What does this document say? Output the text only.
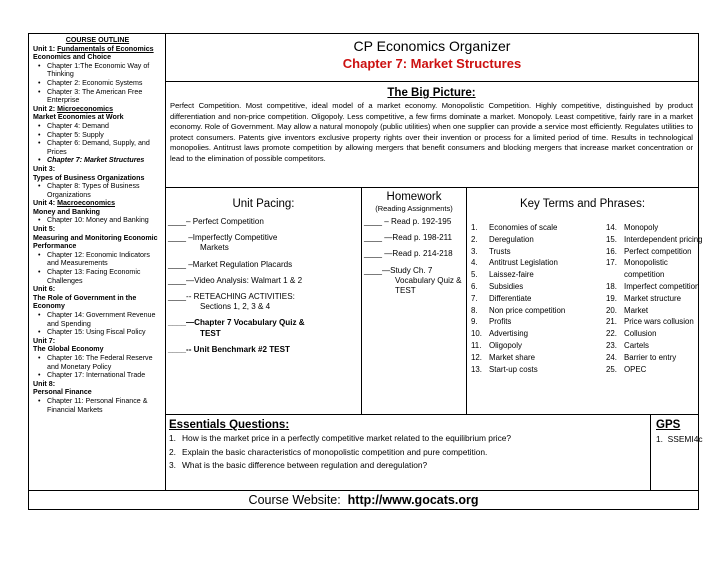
COURSE OUTLINE
Unit 1: Fundamentals of Economics
Economics and Choice
• Chapter 1:The Economic Way of Thinking
• Chapter 2: Economic Systems
• Chapter 3: The American Free Enterprise
Unit 2: Microeconomics
Market Economies at Work
• Chapter 4: Demand
• Chapter 5: Supply
• Chapter 6: Demand, Supply, and Prices
• Chapter 7: Market Structures
Unit 3:
Types of Business Organizations
• Chapter 8: Types of Business Organizations
Unit 4: Macroeconomics
Money and Banking
• Chapter 10: Money and Banking
Unit 5:
Measuring and Monitoring Economic Performance
• Chapter 12: Economic Indicators and Measurements
• Chapter 13: Facing Economic Challenges
Unit 6:
The Role of Government in the Economy
• Chapter 14: Government Revenue and Spending
• Chapter 15: Using Fiscal Policy
Unit 7:
The Global Economy
• Chapter 16: The Federal Reserve and Monetary Policy
• Chapter 17: International Trade
Unit 8:
Personal Finance
• Chapter 11: Personal Finance & Financial Markets
CP Economics Organizer
Chapter 7: Market Structures
The Big Picture:
Perfect Competition. Most competitive, ideal model of a market economy. Monopolistic Competition. Highly competitive, distinguished by product differentiation and non-price competition. Oligopoly. Less competitive, a few firms dominate a market. Monopoly. Least competitive, fairly rare in a market economy. Role of Government. May allow a natural monopoly (public utilities) when one supplier can provide a service most efficiently. Regulates utilities to protect consumers. Patents give inventors exclusive property rights over their invention or process for a limited period of time. Results in technological monopolies. Antitrust laws promote competition by allowing mergers that benefit consumers and blocking mergers that increase market concentration or lead to the elimination of possible competitors.
Unit Pacing:
____– Perfect Competition
____ –Imperfectly Competitive
Markets
____ –Market Regulation Placards
____—Video Analysis: Walmart 1 & 2
____-- RETEACHING ACTIVITIES:
Sections 1, 2, 3 & 4
____—Chapter 7 Vocabulary Quiz &
TEST
____-- Unit Benchmark #2 TEST
Homework
(Reading Assignments)
____ – Read p. 192-195
____ —Read p. 198-211
____ —Read p. 214-218
____—Study Ch. 7
Vocabulary Quiz & TEST
Key Terms and Phrases:
1. Economies of scale
2. Deregulation
3. Trusts
4. Antitrust Legislation
5. Laissez-faire
6. Subsidies
7. Differentiate
8. Non price competition
9. Profits
10. Advertising
11. Oligopoly
12. Market share
13. Start-up costs
14. Monopoly
15. Interdependent pricing
16. Perfect competition
17. Monopolistic
competition
18. Imperfect competition
19. Market structure
20. Market
21. Price wars collusion
22. Collusion
23. Cartels
24. Barrier to entry
25. OPEC
Essentials Questions:
1. How is the market price in a perfectly competitive market related to the equilibrium price?
2. Explain the basic characteristics of monopolistic competition and pure competition.
3. What is the basic difference between regulation and deregulation?
GPS
1. SSEMI4c
Course Website: http://www.gocats.org
